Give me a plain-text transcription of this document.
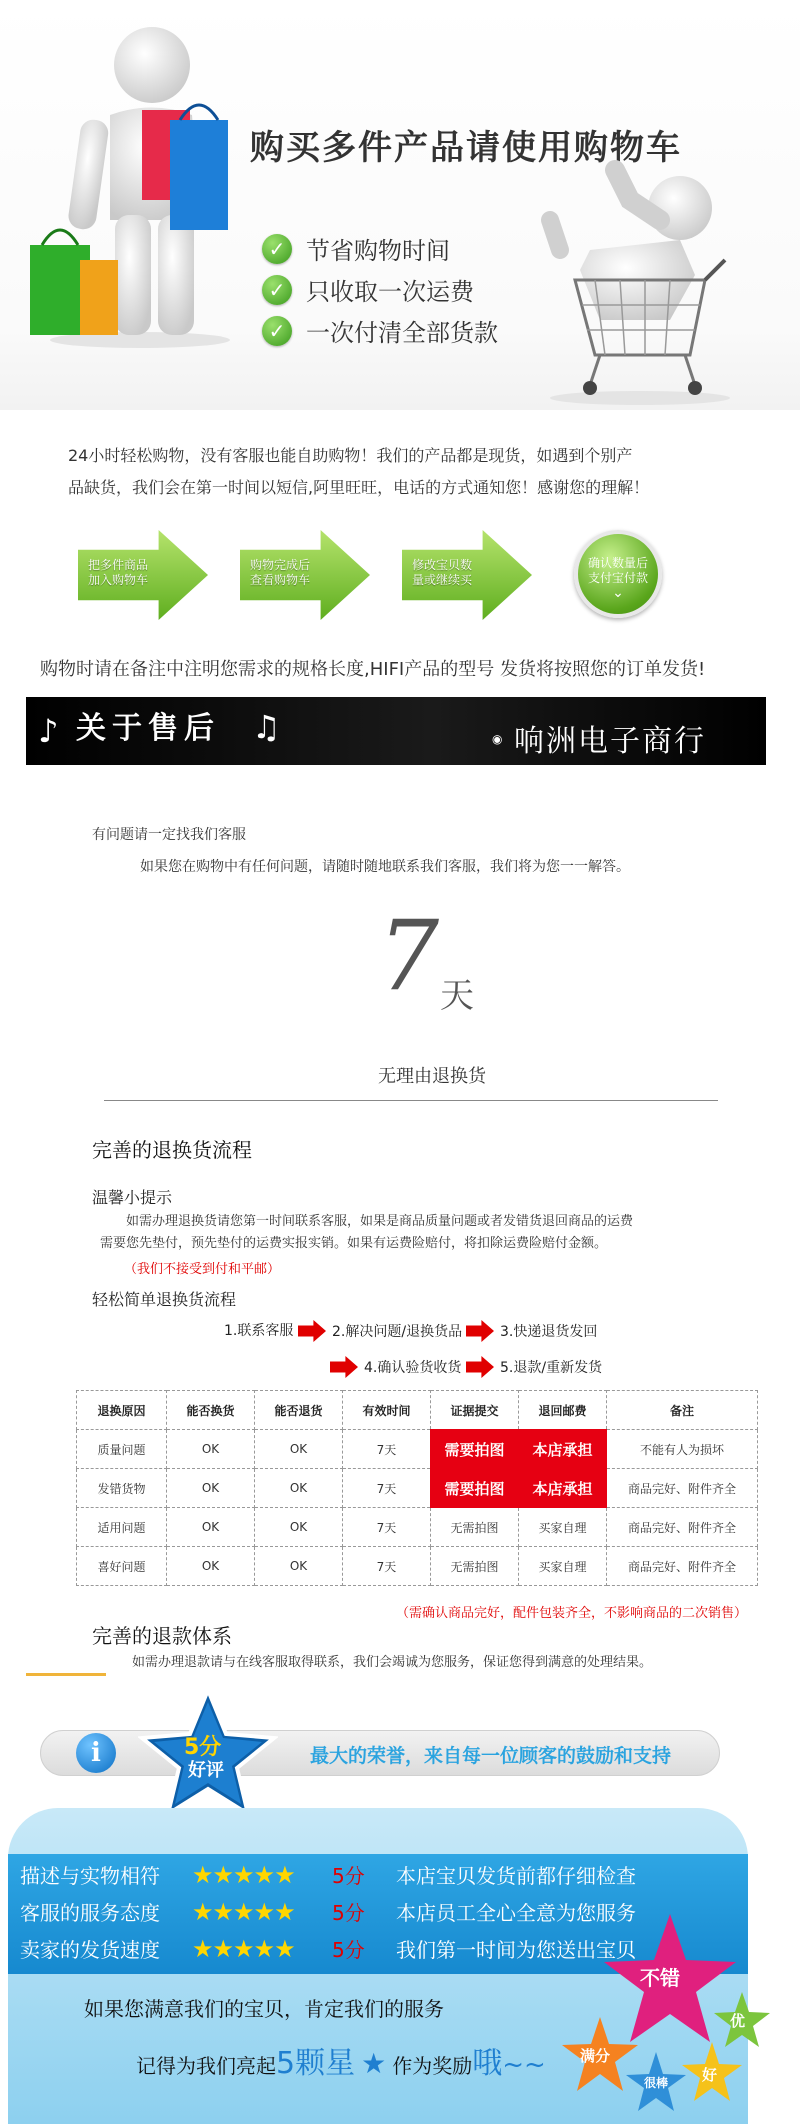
购买多件产品请使用购物车
✓ 节省购物时间
✓ 只收取一次运费
✓ 一次付清全部货款
24小时轻松购物，没有客服也能自助购物！我们的产品都是现货，如遇到个别产
品缺货，我们会在第一时间以短信,阿里旺旺，电话的方式通知您！感谢您的理解！
把多件商品
加入购物车
购物完成后
查看购物车
修改宝贝数
量或继续买
确认数量后
支付宝付款
⌄
购物时请在备注中注明您需求的规格长度,HIFI产品的型号 发货将按照您的订单发货!
♪ 关于售后 ♫	◉ 响洲电子商行
有问题请一定找我们客服
如果您在购物中有任何问题，请随时随地联系我们客服，我们将为您一一解答。
7 天
无理由退换货
完善的退换货流程
温馨小提示
如需办理退换货请您第一时间联系客服，如果是商品质量问题或者发错货退回商品的运费
需要您先垫付，预先垫付的运费实报实销。如果有运费险赔付，将扣除运费险赔付金额。
（我们不接受到付和平邮）
轻松简单退换货流程
1.联系客服	2.解决问题/退换货品	3.快递退货发回
4.确认验货收货	5.退款/重新发货
退换原因	能否换货	能否退货	有效时间	证据提交	退回邮费	备注
质量问题	OK	OK	7天	需要拍图	本店承担	不能有人为损坏
发错货物	OK	OK	7天	需要拍图	本店承担	商品完好、附件齐全
适用问题	OK	OK	7天	无需拍图	买家自理	商品完好、附件齐全
喜好问题	OK	OK	7天	无需拍图	买家自理	商品完好、附件齐全
（需确认商品完好，配件包装齐全，不影响商品的二次销售）
完善的退款体系
如需办理退款请与在线客服取得联系，我们会竭诚为您服务，保证您得到满意的处理结果。
i	5分
好评
最大的荣誉，来自每一位顾客的鼓励和支持
描述与实物相符	★★★★★	5分	本店宝贝发货前都仔细检查
客服的服务态度	★★★★★	5分	本店员工全心全意为您服务
卖家的发货速度	★★★★★	5分	我们第一时间为您送出宝贝
如果您满意我们的宝贝，肯定我们的服务
记得为我们亮起 5颗星 ★ 作为奖励 哦 ~~
不错
优
满分
很棒 好
